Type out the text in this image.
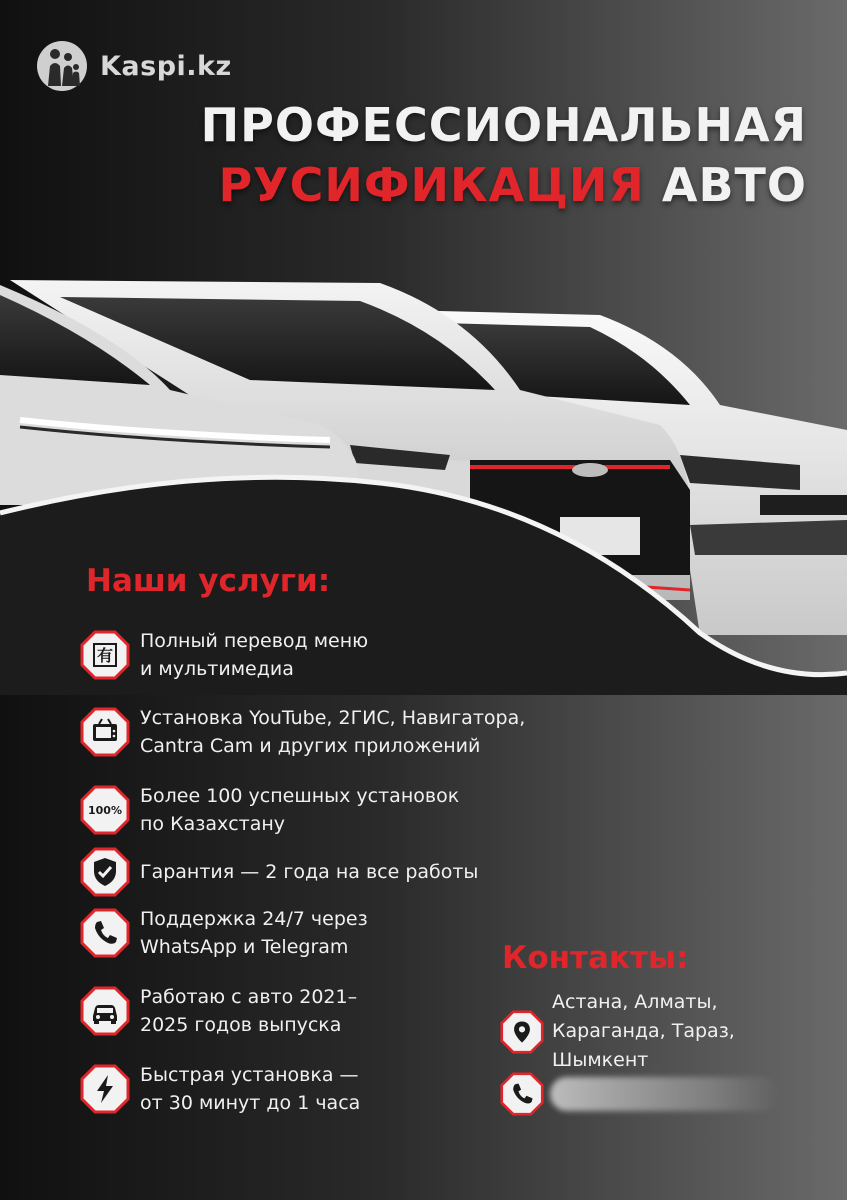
Kaspi.kz
ПРОФЕССИОНАЛЬНАЯ
РУСИФИКАЦИЯ АВТО
Наши услуги:
有
Полный перевод меню
и мультимедиа
Установка YouTube, 2ГИС, Навигатора,
Cantra Cam и других приложений
100%
Более 100 успешных установок
по Казахстану
Гарантия — 2 года на все работы
Поддержка 24/7 через
WhatsApp и Telegram
Работаю с авто 2021–
2025 годов выпуска
Быстрая установка —
от 30 минут до 1 часа
Контакты:
Астана, Алматы,
Караганда, Тараз,
Шымкент
